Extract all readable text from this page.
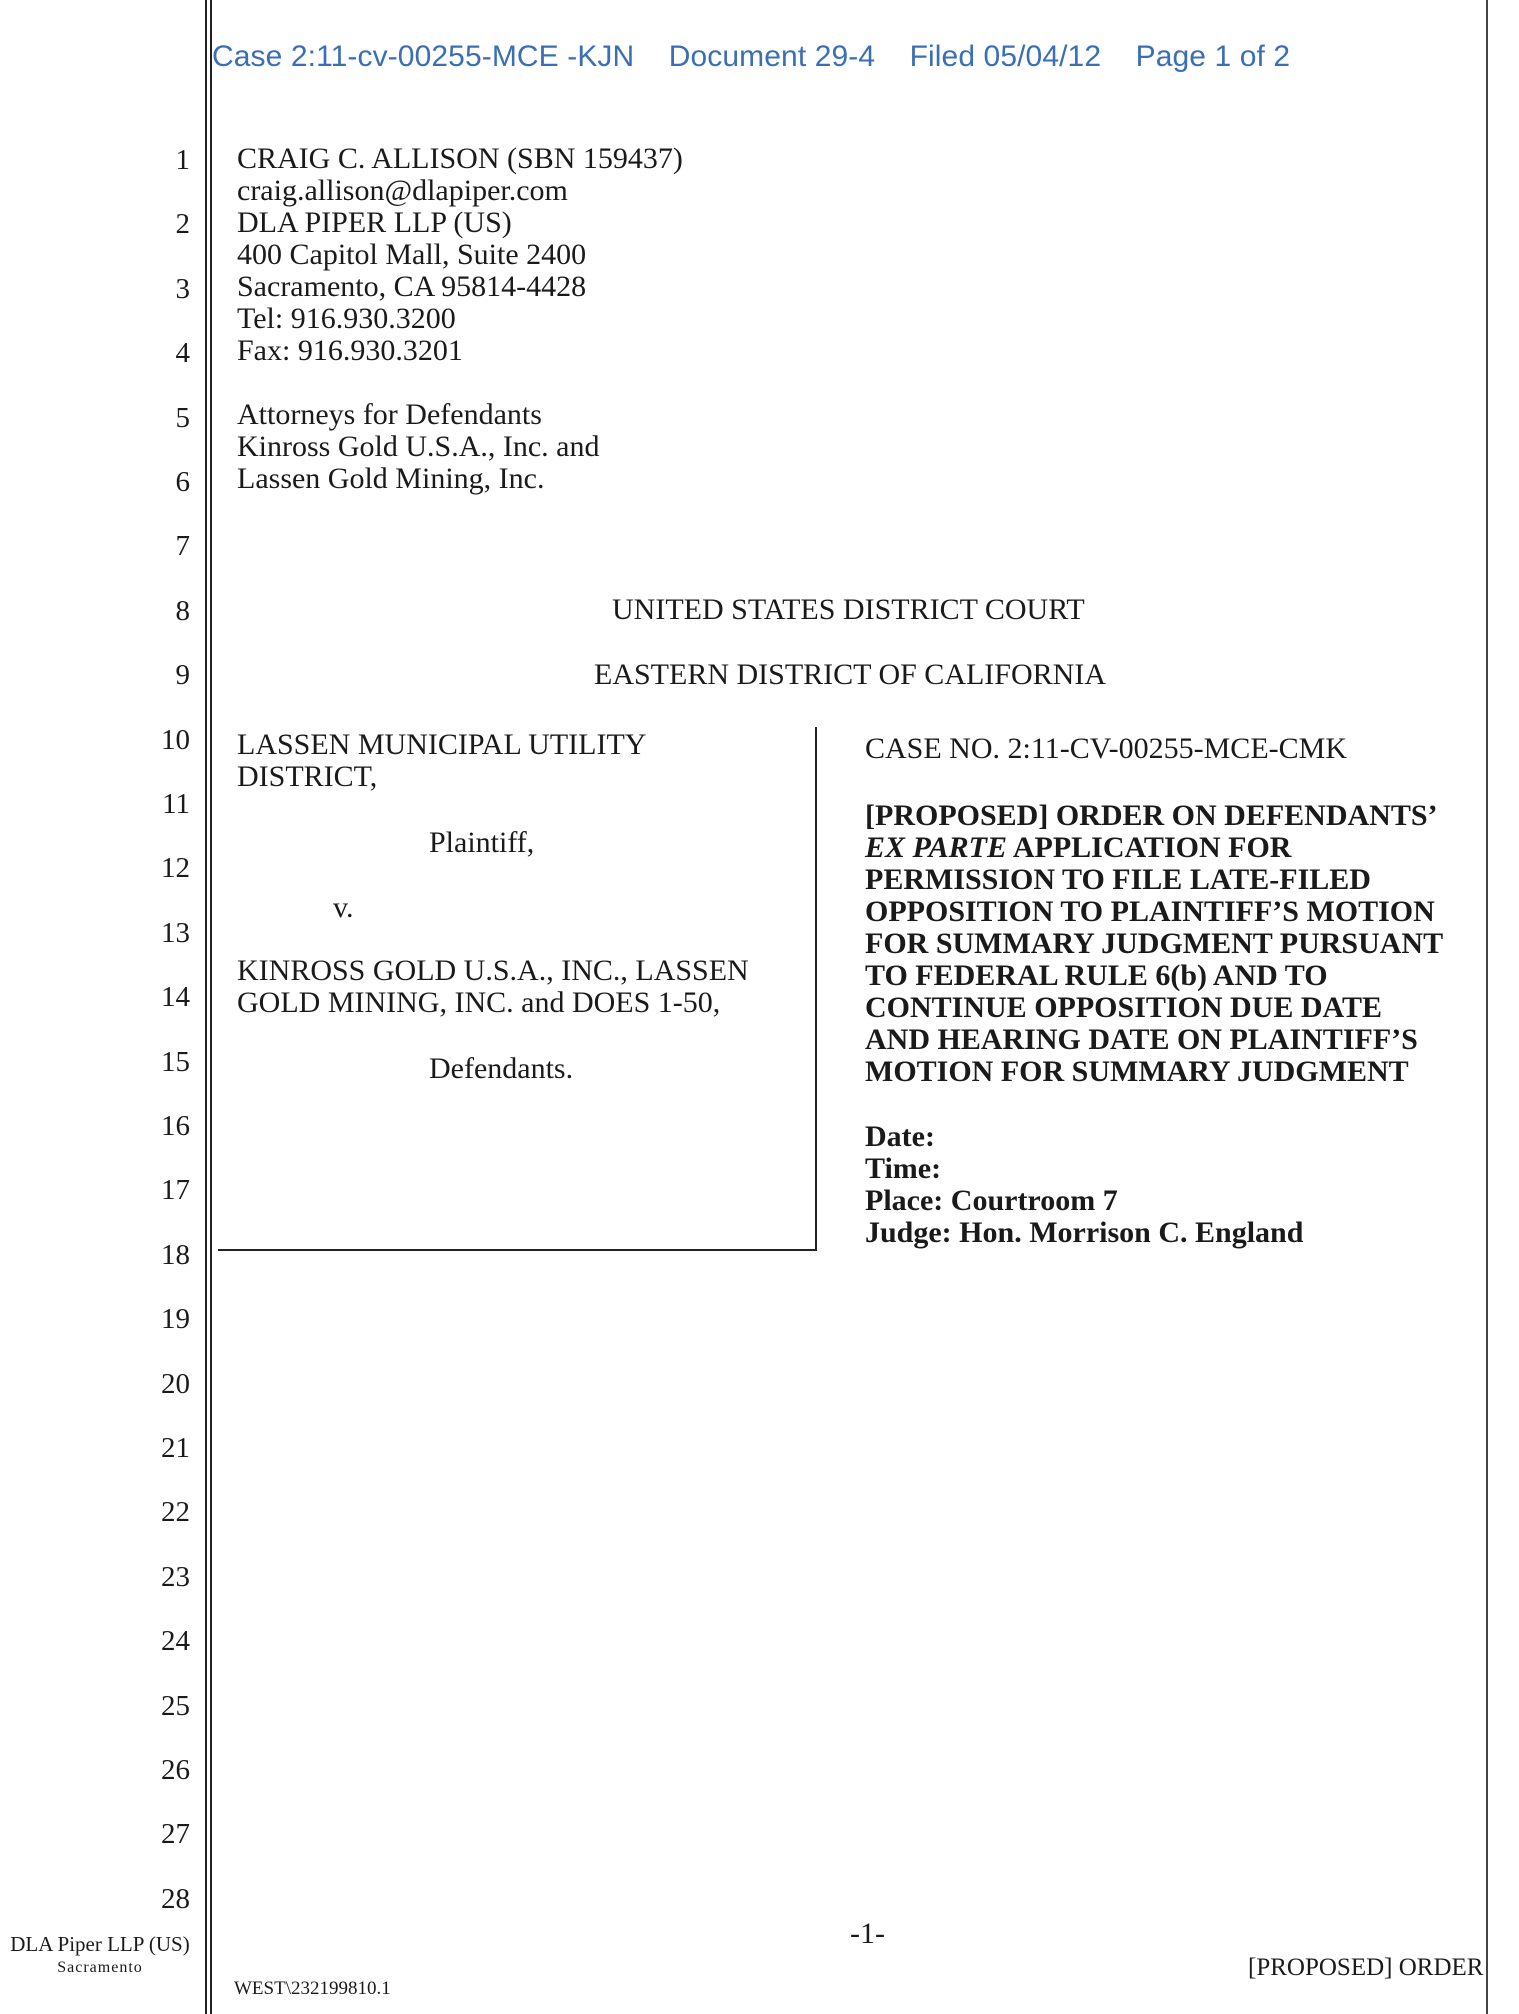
Case 2:11-cv-00255-MCE -KJN Document 29-4 Filed 05/04/12 Page 1 of 2
1
2
3
4
5
6
7
8
9
10
11
12
13
14
15
16
17
18
19
20
21
22
23
24
25
26
27
28
CRAIG C. ALLISON (SBN 159437)
craig.allison@dlapiper.com
DLA PIPER LLP (US)
400 Capitol Mall, Suite 2400
Sacramento, CA 95814-4428
Tel: 916.930.3200
Fax: 916.930.3201
Attorneys for Defendants
Kinross Gold U.S.A., Inc. and
Lassen Gold Mining, Inc.
UNITED STATES DISTRICT COURT
EASTERN DISTRICT OF CALIFORNIA
LASSEN MUNICIPAL UTILITY
DISTRICT,
Plaintiff,
v.
KINROSS GOLD U.S.A., INC., LASSEN
GOLD MINING, INC. and DOES 1-50,
Defendants.
CASE NO. 2:11-CV-00255-MCE-CMK
[PROPOSED] ORDER ON DEFENDANTS’
EX PARTE APPLICATION FOR
PERMISSION TO FILE LATE-FILED
OPPOSITION TO PLAINTIFF’S MOTION
FOR SUMMARY JUDGMENT PURSUANT
TO FEDERAL RULE 6(b) AND TO
CONTINUE OPPOSITION DUE DATE
AND HEARING DATE ON PLAINTIFF’S
MOTION FOR SUMMARY JUDGMENT
Date:
Time:
Place: Courtroom 7
Judge: Hon. Morrison C. England
-1-
WEST\232199810.1
[PROPOSED] ORDER
DLA Piper LLP (US)
Sacramento
